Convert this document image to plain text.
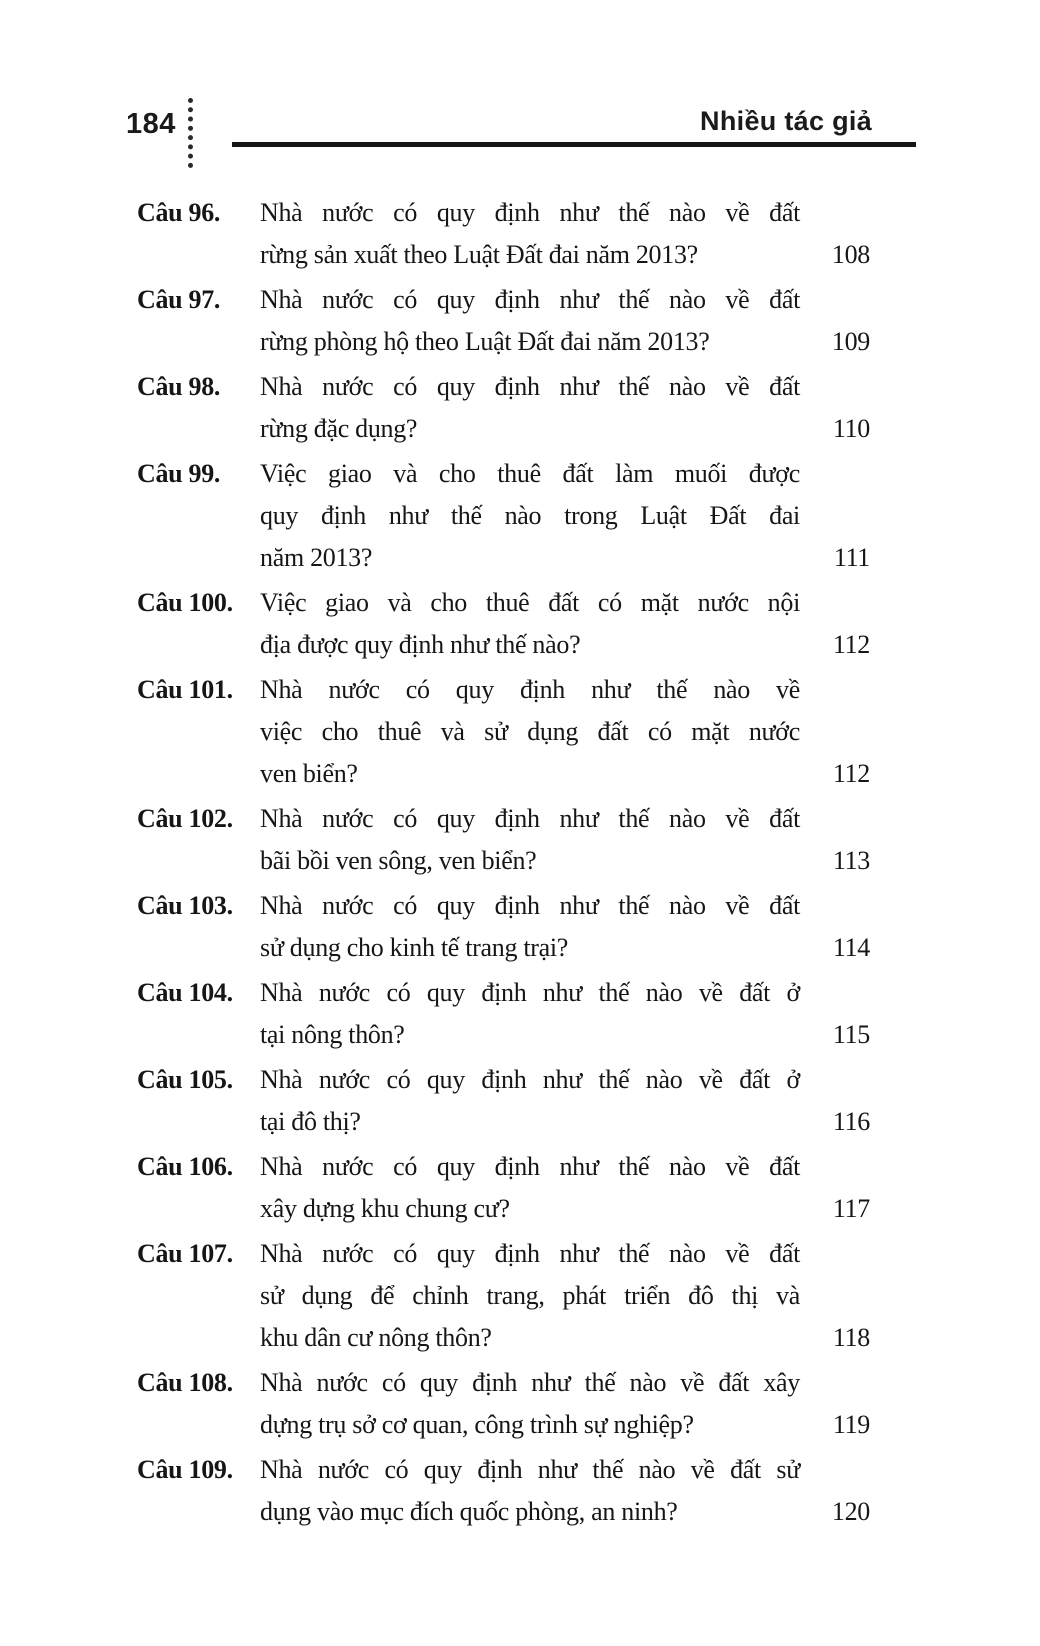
184	Nhiều tác giả
Câu 96.	Nhà nước có quy định như thế nào về đất
rừng sản xuất theo Luật Đất đai năm 2013?	108
Câu 97.	Nhà nước có quy định như thế nào về đất
rừng phòng hộ theo Luật Đất đai năm 2013?	109
Câu 98.	Nhà nước có quy định như thế nào về đất
rừng đặc dụng?	110
Câu 99.	Việc giao và cho thuê đất làm muối được
quy định như thế nào trong Luật Đất đai
năm 2013?	111
Câu 100.	Việc giao và cho thuê đất có mặt nước nội
địa được quy định như thế nào?	112
Câu 101.	Nhà nước có quy định như thế nào về
việc cho thuê và sử dụng đất có mặt nước
ven biển?	112
Câu 102.	Nhà nước có quy định như thế nào về đất
bãi bồi ven sông, ven biển?	113
Câu 103.	Nhà nước có quy định như thế nào về đất
sử dụng cho kinh tế trang trại?	114
Câu 104.	Nhà nước có quy định như thế nào về đất ở
tại nông thôn?	115
Câu 105.	Nhà nước có quy định như thế nào về đất ở
tại đô thị?	116
Câu 106.	Nhà nước có quy định như thế nào về đất
xây dựng khu chung cư?	117
Câu 107.	Nhà nước có quy định như thế nào về đất
sử dụng để chỉnh trang, phát triển đô thị và
khu dân cư nông thôn?	118
Câu 108.	Nhà nước có quy định như thế nào về đất xây
dựng trụ sở cơ quan, công trình sự nghiệp?	119
Câu 109.	Nhà nước có quy định như thế nào về đất sử
dụng vào mục đích quốc phòng, an ninh?	120
